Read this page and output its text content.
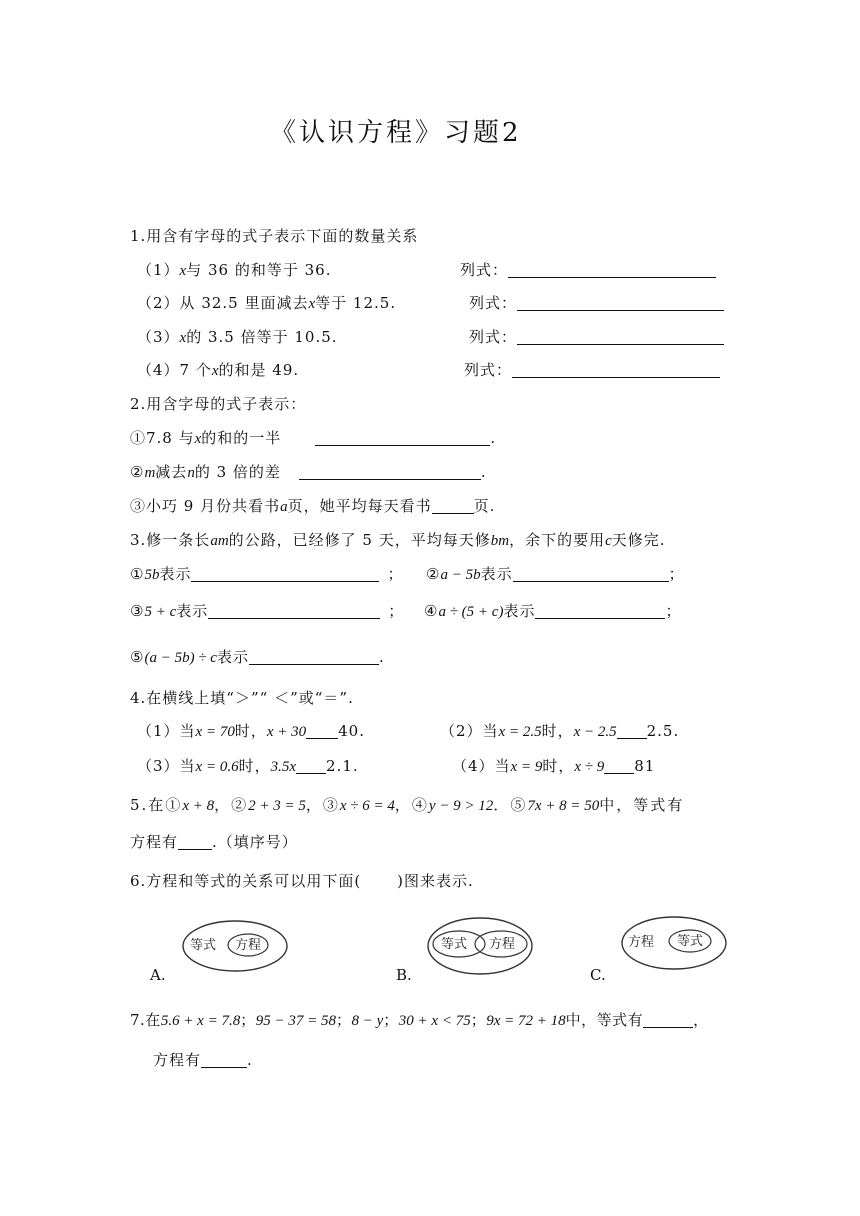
《认识方程》习题2
1.用含有字母的式子表示下面的数量关系
（1）x与 36 的和等于 36.	列式：
（2）从 32.5 里面减去x等于 12.5.	列式：
（3）x的 3.5 倍等于 10.5.	列式：
（4）7 个x的和是 49.	列式：
2.用含字母的式子表示：
①7.8 与x的和的一半	.
②m减去n的 3 倍的差	.
③小巧 9 月份共看书a页，她平均每天看书	页.
3.修一条长am的公路，已经修了 5 天，平均每天修bm，余下的要用c天修完.
①5b表示	； ②a − 5b表示	；
③5 + c表示	； ④a ÷ (5 + c)表示	；
⑤(a − 5b) ÷ c表示	.
4.在横线上填“＞”“ ＜”或“＝”.
（1）当x = 70时，x + 30 40.	（2）当x = 2.5时，x − 2.5 2.5.
（3）当x = 0.6时，3.5x 2.1.	（4）当x = 9时，x ÷ 9 81
5.在①x + 8，②2 + 3 = 5，③x ÷ 6 = 4，④y − 9 > 12．⑤7x + 8 = 50中，等式有
方程有 .（填序号）
6.方程和等式的关系可以用下面( )图来表示.
等式 方程
A.
等式 方程
B.
方程 等式
C.
7.在5.6 + x = 7.8；95 − 37 = 58；8 − y；30 + x < 75；9x = 72 + 18中，等式有	，
方程有	.
